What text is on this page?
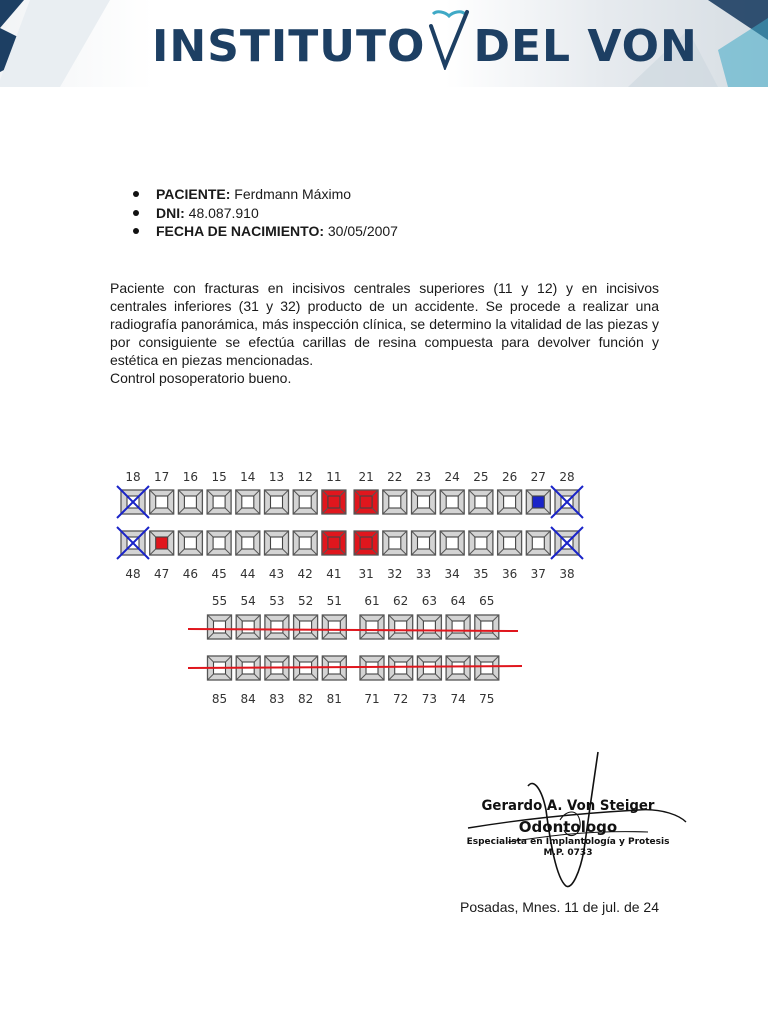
INSTITUTO DEL VON
PACIENTE: Ferdmann Máximo
DNI: 48.087.910
FECHA DE NACIMIENTO: 30/05/2007

Paciente con fracturas en incisivos centrales superiores (11 y 12) y en incisivos centrales inferiores (31 y 32) producto de un accidente. Se procede a realizar una radiografía panorámica, más inspección clínica, se determino la vitalidad de las piezas y por consiguiente se efectúa carillas de resina compuesta para devolver función y estética en piezas mencionadas.

Control posoperatorio bueno.

18 17 16 15 14 13 12 11 21 22 23 24 25 26 27 28
48 47 46 45 44 43 42 41 31 32 33 34 35 36 37 38
55 54 53 52 51 61 62 63 64 65
85 84 83 82 81 71 72 73 74 75
Gerardo A. Von Steiger
Odontologo
Especialista en Implantología y Protesis
M.P. 0733
Posadas, Mnes. 11 de jul. de 24
